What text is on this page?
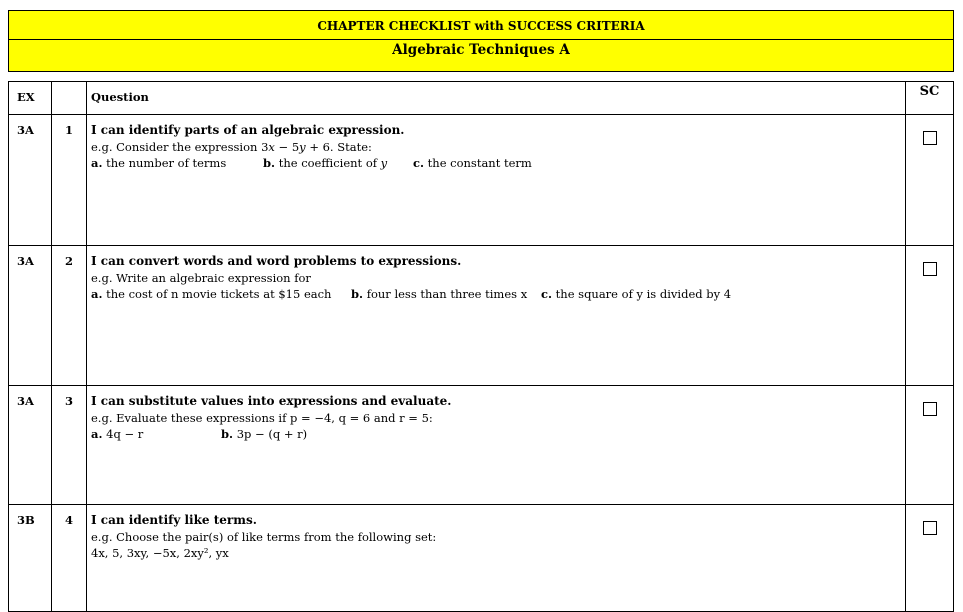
CHAPTER CHECKLIST with SUCCESS CRITERIA
Algebraic Techniques A
EX		Question	SC
3A	1	I can identify parts of an algebraic expression.
e.g. Consider the expression 3x − 5y + 6. State:
a. the number of terms b. the coefficient of y c. the constant term	

3A	2	I can convert words and word problems to expressions.
e.g. Write an algebraic expression for
a. the cost of n movie tickets at $15 each b. four less than three times x c. the square of y is divided by 4	

3A	3	I can substitute values into expressions and evaluate.
e.g. Evaluate these expressions if p = −4, q = 6 and r = 5:
a. 4q − r b. 3p − (q + r)	

3B	4	I can identify like terms.
e.g. Choose the pair(s) of like terms from the following set:
4x, 5, 3xy, −5x, 2xy², yx	
